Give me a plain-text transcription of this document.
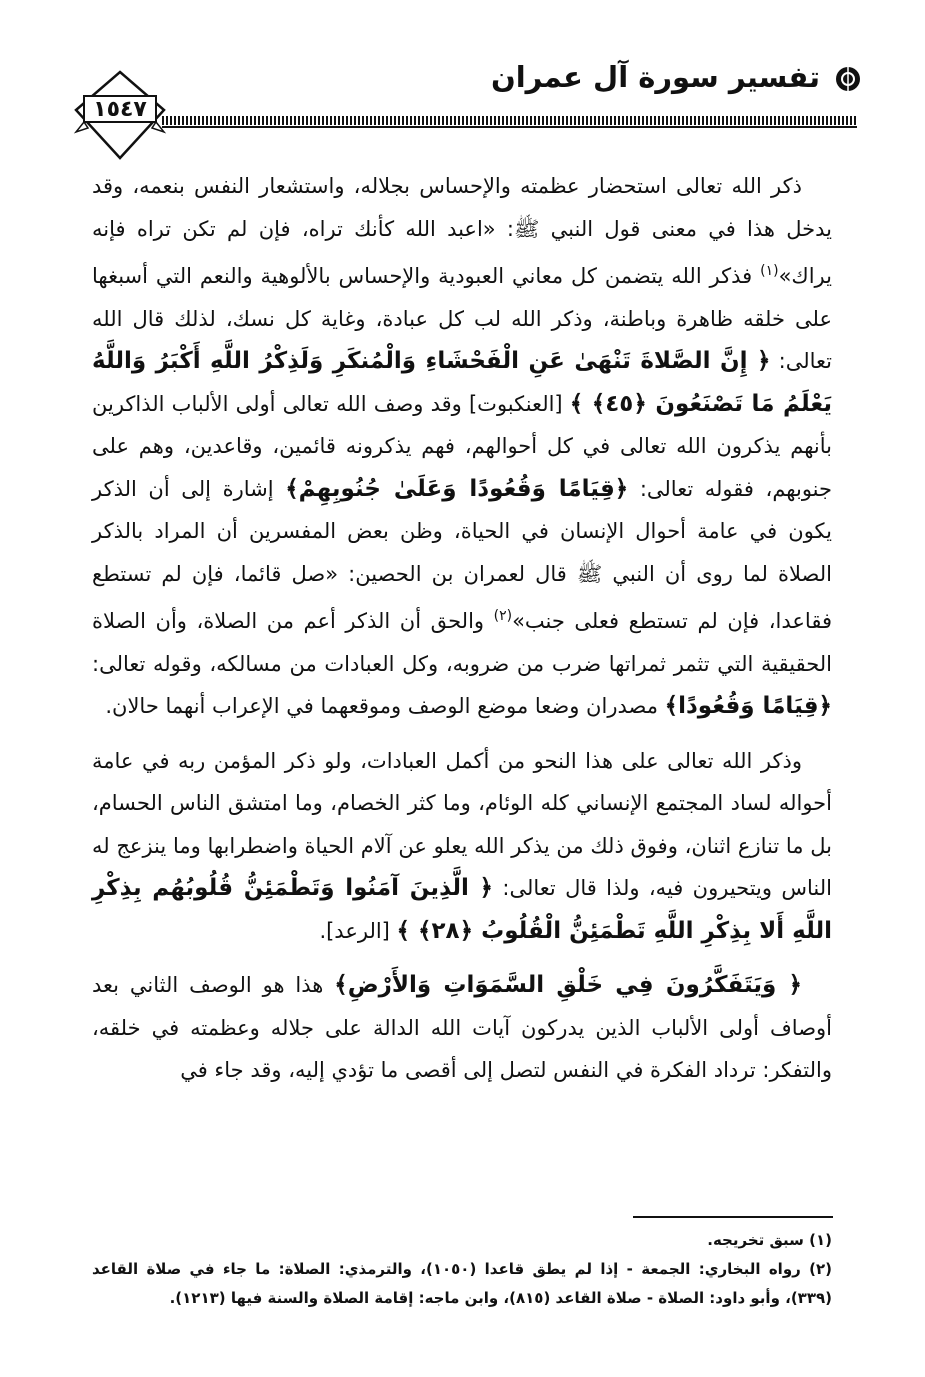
تفسير سورة آل عمران
١٥٤٧

ذكر الله تعالى استحضار عظمته والإحساس بجلاله، واستشعار النفس بنعمه، وقد يدخل هذا في معنى قول النبي ﷺ: «اعبد الله كأنك تراه، فإن لم تكن تراه فإنه يراك»$^{(١)}$ فذكر الله يتضمن كل معاني العبودية والإحساس بالألوهية والنعم التي أسبغها على خلقه ظاهرة وباطنة، وذكر الله لب كل عبادة، وغاية كل نسك، لذلك قال الله تعالى: ﴿ إِنَّ الصَّلاةَ تَنْهَىٰ عَنِ الْفَحْشَاءِ وَالْمُنكَرِ وَلَذِكْرُ اللَّهِ أَكْبَرُ وَاللَّهُ يَعْلَمُ مَا تَصْنَعُونَ ﴿٤٥﴾ ﴾ [العنكبوت] وقد وصف الله تعالى أولى الألباب الذاكرين بأنهم يذكرون الله تعالى في كل أحوالهم، فهم يذكرونه قائمين، وقاعدين، وهم على جنوبهم، فقوله تعالى: ﴿قِيَامًا وَقُعُودًا وَعَلَىٰ جُنُوبِهِمْ﴾ إشارة إلى أن الذكر يكون في عامة أحوال الإنسان في الحياة، وظن بعض المفسرين أن المراد بالذكر الصلاة لما روى أن النبي ﷺ قال لعمران بن الحصين: «صل قائما، فإن لم تستطع فقاعدا، فإن لم تستطع فعلى جنب»$^{(٢)}$ والحق أن الذكر أعم من الصلاة، وأن الصلاة الحقيقية التي تثمر ثمراتها ضرب من ضروبه، وكل العبادات من مسالكه، وقوله تعالى: ﴿قِيَامًا وَقُعُودًا﴾ مصدران وضعا موضع الوصف وموقعهما في الإعراب أنهما حالان.

وذكر الله تعالى على هذا النحو من أكمل العبادات، ولو ذكر المؤمن ربه في عامة أحواله لساد المجتمع الإنساني كله الوئام، وما كثر الخصام، وما امتشق الناس الحسام، بل ما تنازع اثنان، وفوق ذلك من يذكر الله يعلو عن آلام الحياة واضطرابها وما ينزعج له الناس ويتحيرون فيه، ولذا قال تعالى: ﴿ الَّذِينَ آمَنُوا وَتَطْمَئِنُّ قُلُوبُهُم بِذِكْرِ اللَّهِ أَلا بِذِكْرِ اللَّهِ تَطْمَئِنُّ الْقُلُوبُ ﴿٢٨﴾ ﴾ [الرعد].

﴿ وَيَتَفَكَّرُونَ فِي خَلْقِ السَّمَوَاتِ وَالأَرْضِ﴾ هذا هو الوصف الثاني بعد أوصاف أولى الألباب الذين يدركون آيات الله الدالة على جلاله وعظمته في خلقه، والتفكر: ترداد الفكرة في النفس لتصل إلى أقصى ما تؤدي إليه، وقد جاء في

(١) سبق تخريجه.

(٢) رواه البخاري: الجمعة - إذا لم يطق قاعدا (١٠٥٠)، والترمذي: الصلاة: ما جاء في صلاة القاعد (٣٣٩)، وأبو داود: الصلاة - صلاة القاعد (٨١٥)، وابن ماجه: إقامة الصلاة والسنة فيها (١٢١٣).
